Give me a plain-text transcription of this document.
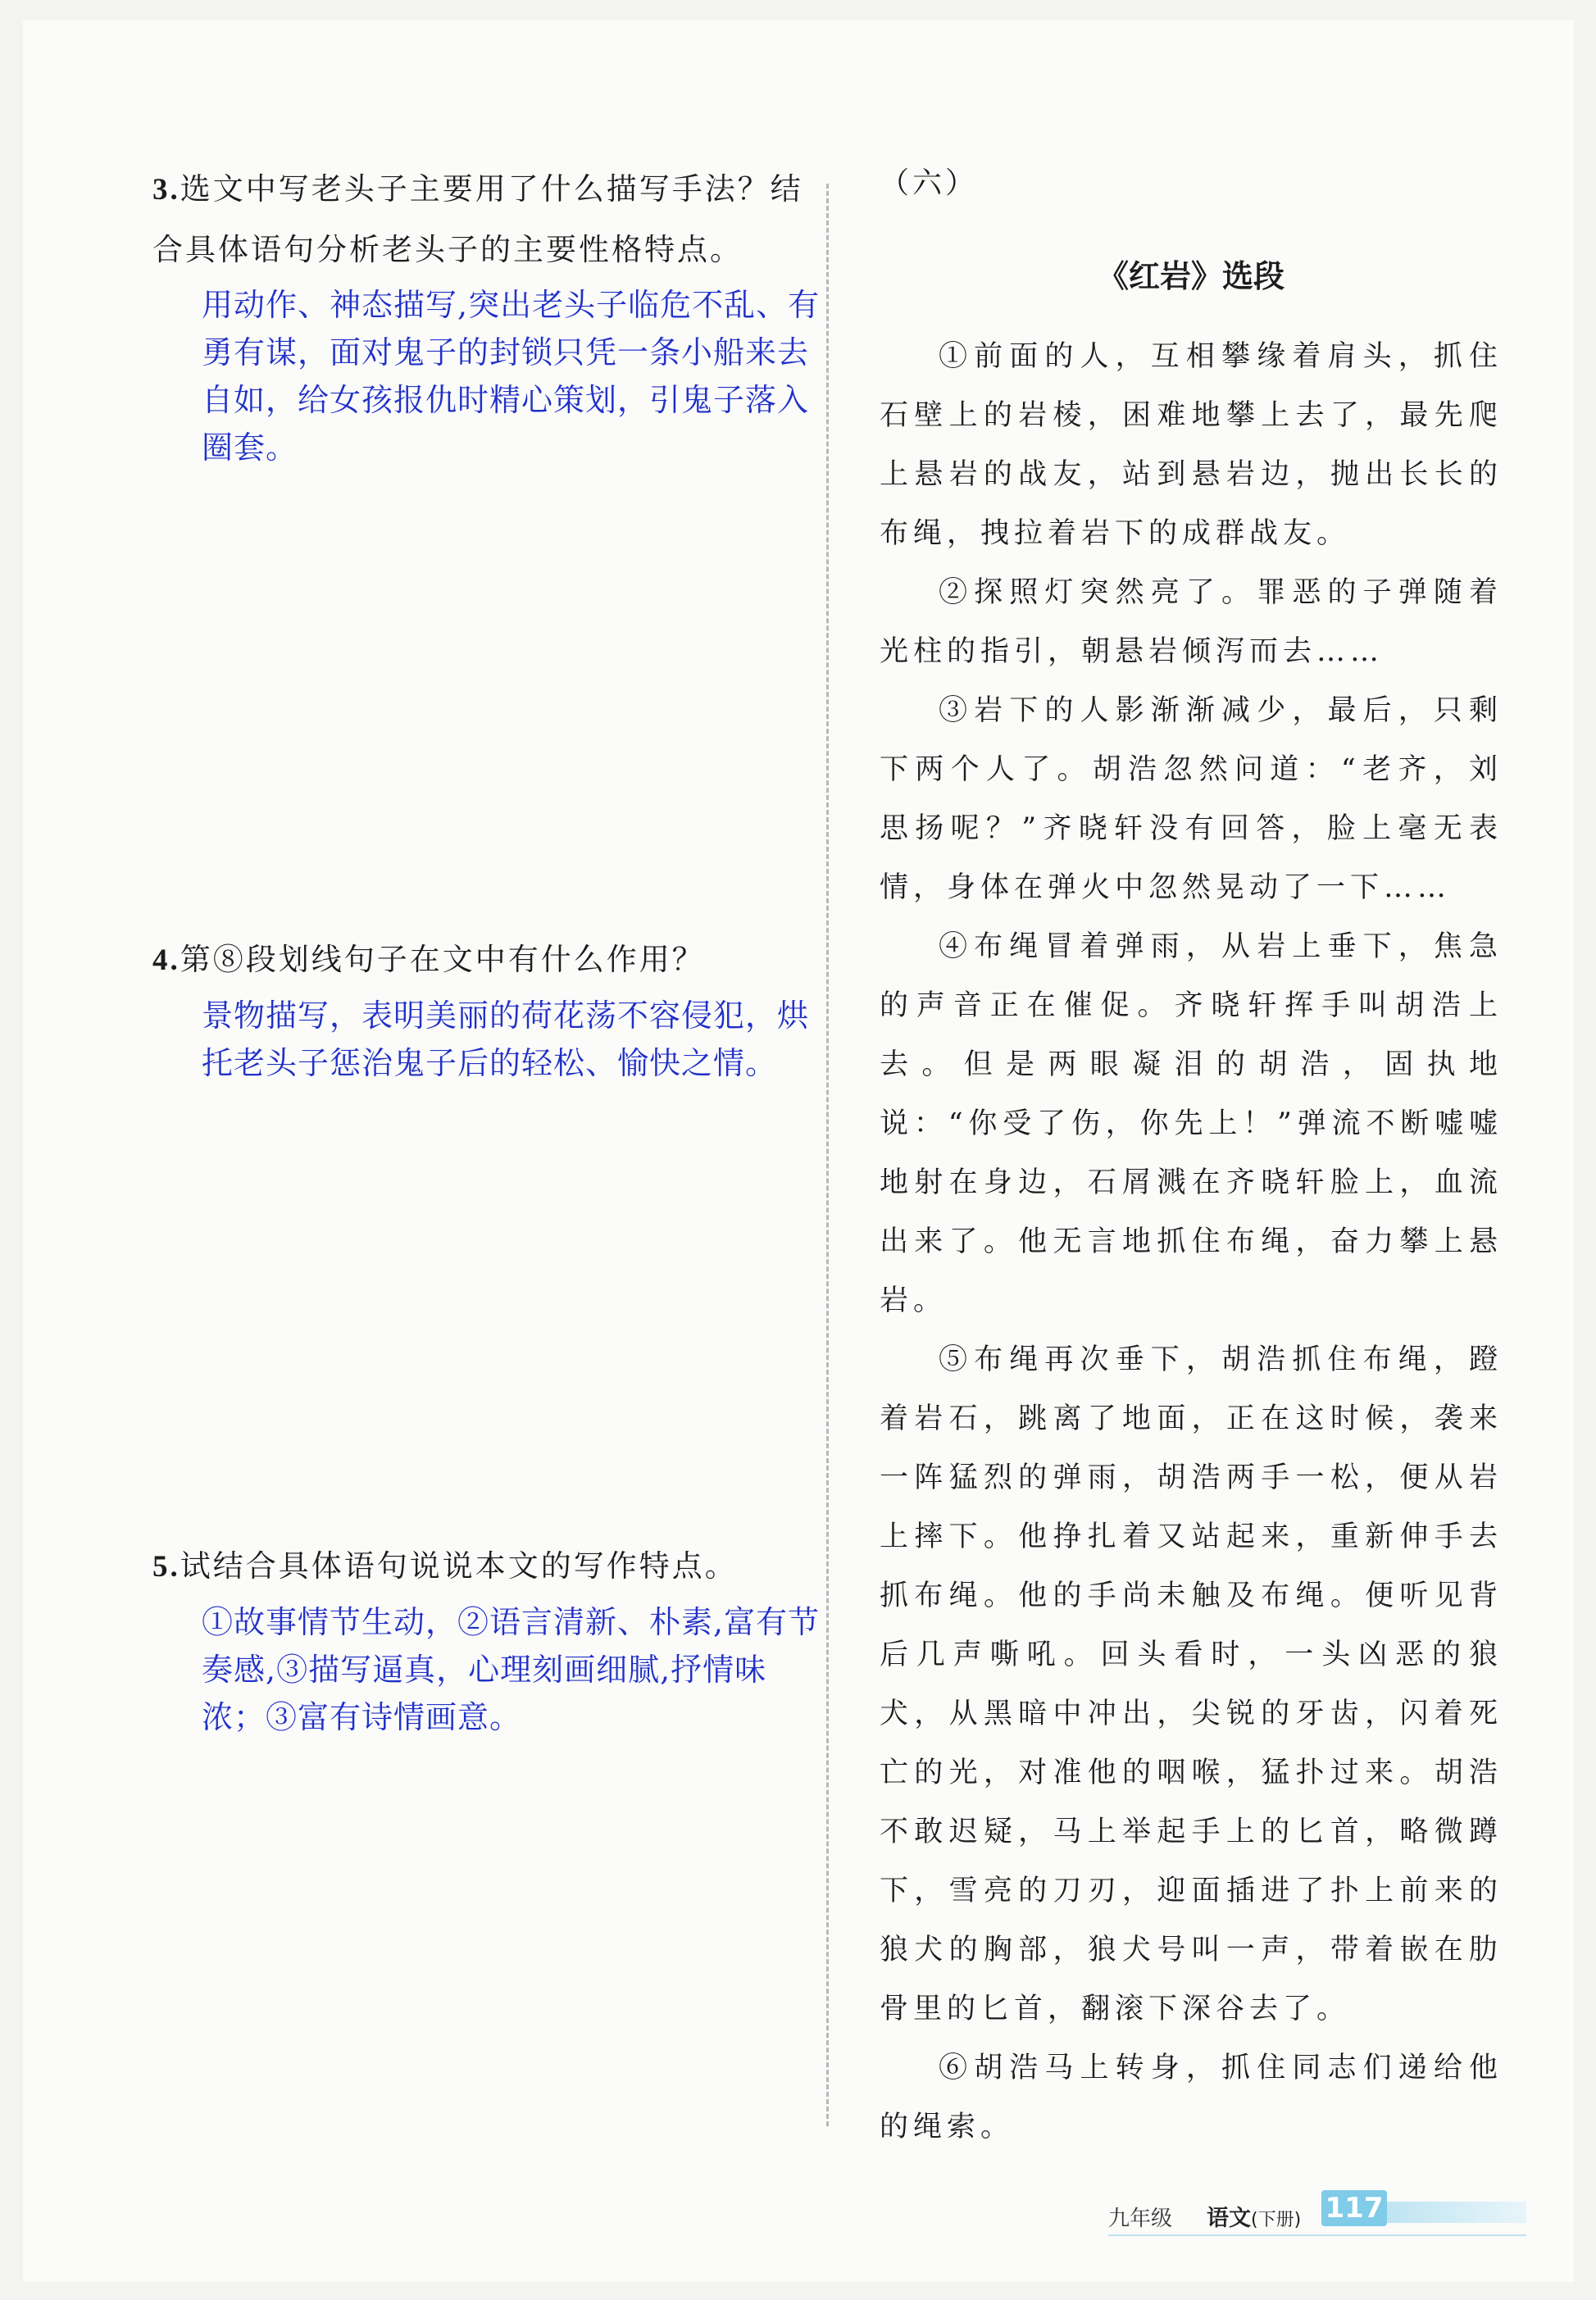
3.选文中写老头子主要用了什么描写手法？结合具体语句分析老头子的主要性格特点。

用动作、神态描写,突出老头子临危不乱、有勇有谋，面对鬼子的封锁只凭一条小船来去自如，给女孩报仇时精心策划，引鬼子落入圈套。

4.第⑧段划线句子在文中有什么作用？

景物描写，表明美丽的荷花荡不容侵犯，烘托老头子惩治鬼子后的轻松、愉快之情。

5.试结合具体语句说说本文的写作特点。

①故事情节生动，②语言清新、朴素,富有节奏感,③描写逼真，心理刻画细腻,抒情味浓；③富有诗情画意。
（六）
《红岩》选段

①前面的人，互相攀缘着肩头，抓住石壁上的岩棱，困难地攀上去了，最先爬上悬岩的战友，站到悬岩边，抛出长长的布绳，拽拉着岩下的成群战友。

②探照灯突然亮了。罪恶的子弹随着光柱的指引，朝悬岩倾泻而去……

③岩下的人影渐渐减少，最后，只剩下两个人了。胡浩忽然问道：“老齐，刘思扬呢？”齐晓轩没有回答，脸上毫无表情，身体在弹火中忽然晃动了一下……

④布绳冒着弹雨，从岩上垂下，焦急的声音正在催促。齐晓轩挥手叫胡浩上去。但是两眼凝泪的胡浩，固执地说：“你受了伤，你先上！”弹流不断嘘嘘地射在身边，石屑溅在齐晓轩脸上，血流出来了。他无言地抓住布绳，奋力攀上悬岩。

⑤布绳再次垂下，胡浩抓住布绳，蹬着岩石，跳离了地面，正在这时候，袭来一阵猛烈的弹雨，胡浩两手一松，便从岩上摔下。他挣扎着又站起来，重新伸手去抓布绳。他的手尚未触及布绳。便听见背后几声嘶吼。回头看时，一头凶恶的狼犬，从黑暗中冲出，尖锐的牙齿，闪着死亡的光，对准他的咽喉，猛扑过来。胡浩不敢迟疑，马上举起手上的匕首，略微蹲下，雪亮的刀刃，迎面插进了扑上前来的狼犬的胸部，狼犬号叫一声，带着嵌在肋骨里的匕首，翻滚下深谷去了。

⑥胡浩马上转身，抓住同志们递给他的绳索。

九年级 语文(下册) 117
